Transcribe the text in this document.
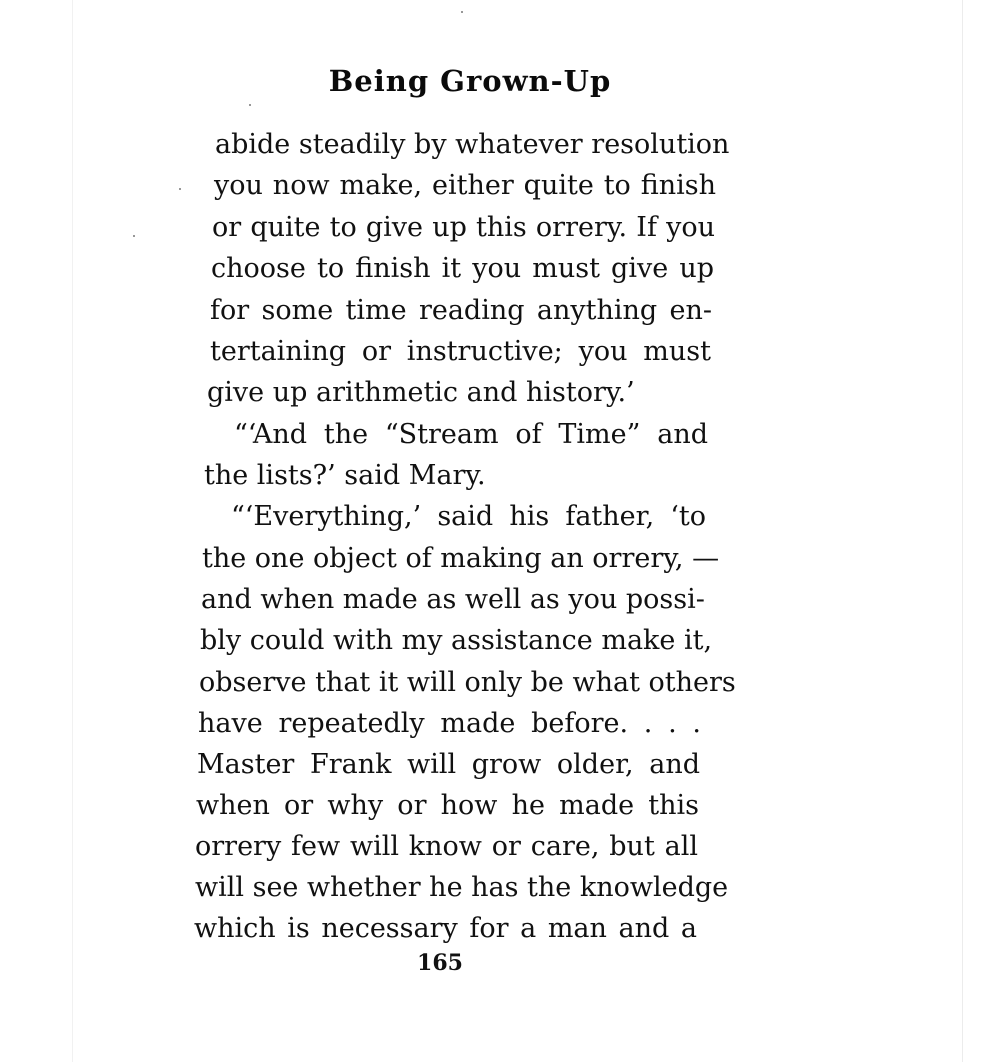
Being Grown-Up
abide steadily by whatever resolution
you now make, either quite to finish
or quite to give up this orrery. If you
choose to finish it you must give up
for some time reading anything en-
tertaining or instructive; you must
give up arithmetic and history.’
“‘And the “Stream of Time” and
the lists?’ said Mary.
“‘Everything,’ said his father, ‘to
the one object of making an orrery, —
and when made as well as you possi-
bly could with my assistance make it,
observe that it will only be what others
have repeatedly made before. . . .
Master Frank will grow older, and
when or why or how he made this
orrery few will know or care, but all
will see whether he has the knowledge
which is necessary for a man and a
165
